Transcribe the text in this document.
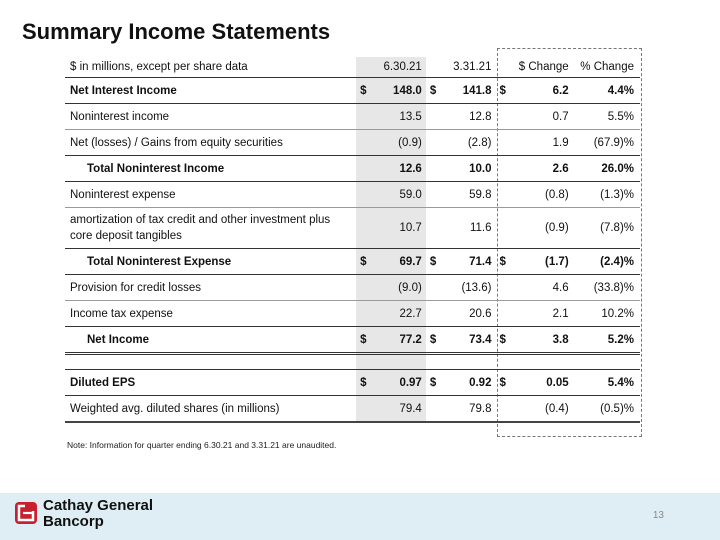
Summary Income Statements
$ in millions, except per share data		6.30.21		3.31.21		$ Change	% Change
Net Interest Income	$	148.0	$	141.8	$	6.2	4.4%
Noninterest income		13.5		12.8		0.7	5.5%
Net (losses) / Gains from equity securities		(0.9)		(2.8)		1.9	(67.9)%
Total Noninterest Income		12.6		10.0		2.6	26.0%
Noninterest expense		59.0		59.8		(0.8)	(1.3)%

amortization of tax credit and other investment plus
core deposit tangibles		10.7		11.6		(0.9)	(7.8)%
Total Noninterest Expense	$	69.7	$	71.4	$	(1.7)	(2.4)%
Provision for credit losses		(9.0)		(13.6)		4.6	(33.8)%
Income tax expense		22.7		20.6		2.1	10.2%
Net Income	$	77.2	$	73.4	$	3.8	5.2%

Diluted EPS	$	0.97	$	0.92	$	0.05	5.4%
Weighted avg. diluted shares (in millions)		79.4		79.8		(0.4)	(0.5)%
Note: Information for quarter ending 6.30.21 and 3.31.21 are unaudited.
Cathay General
Bancorp	13
